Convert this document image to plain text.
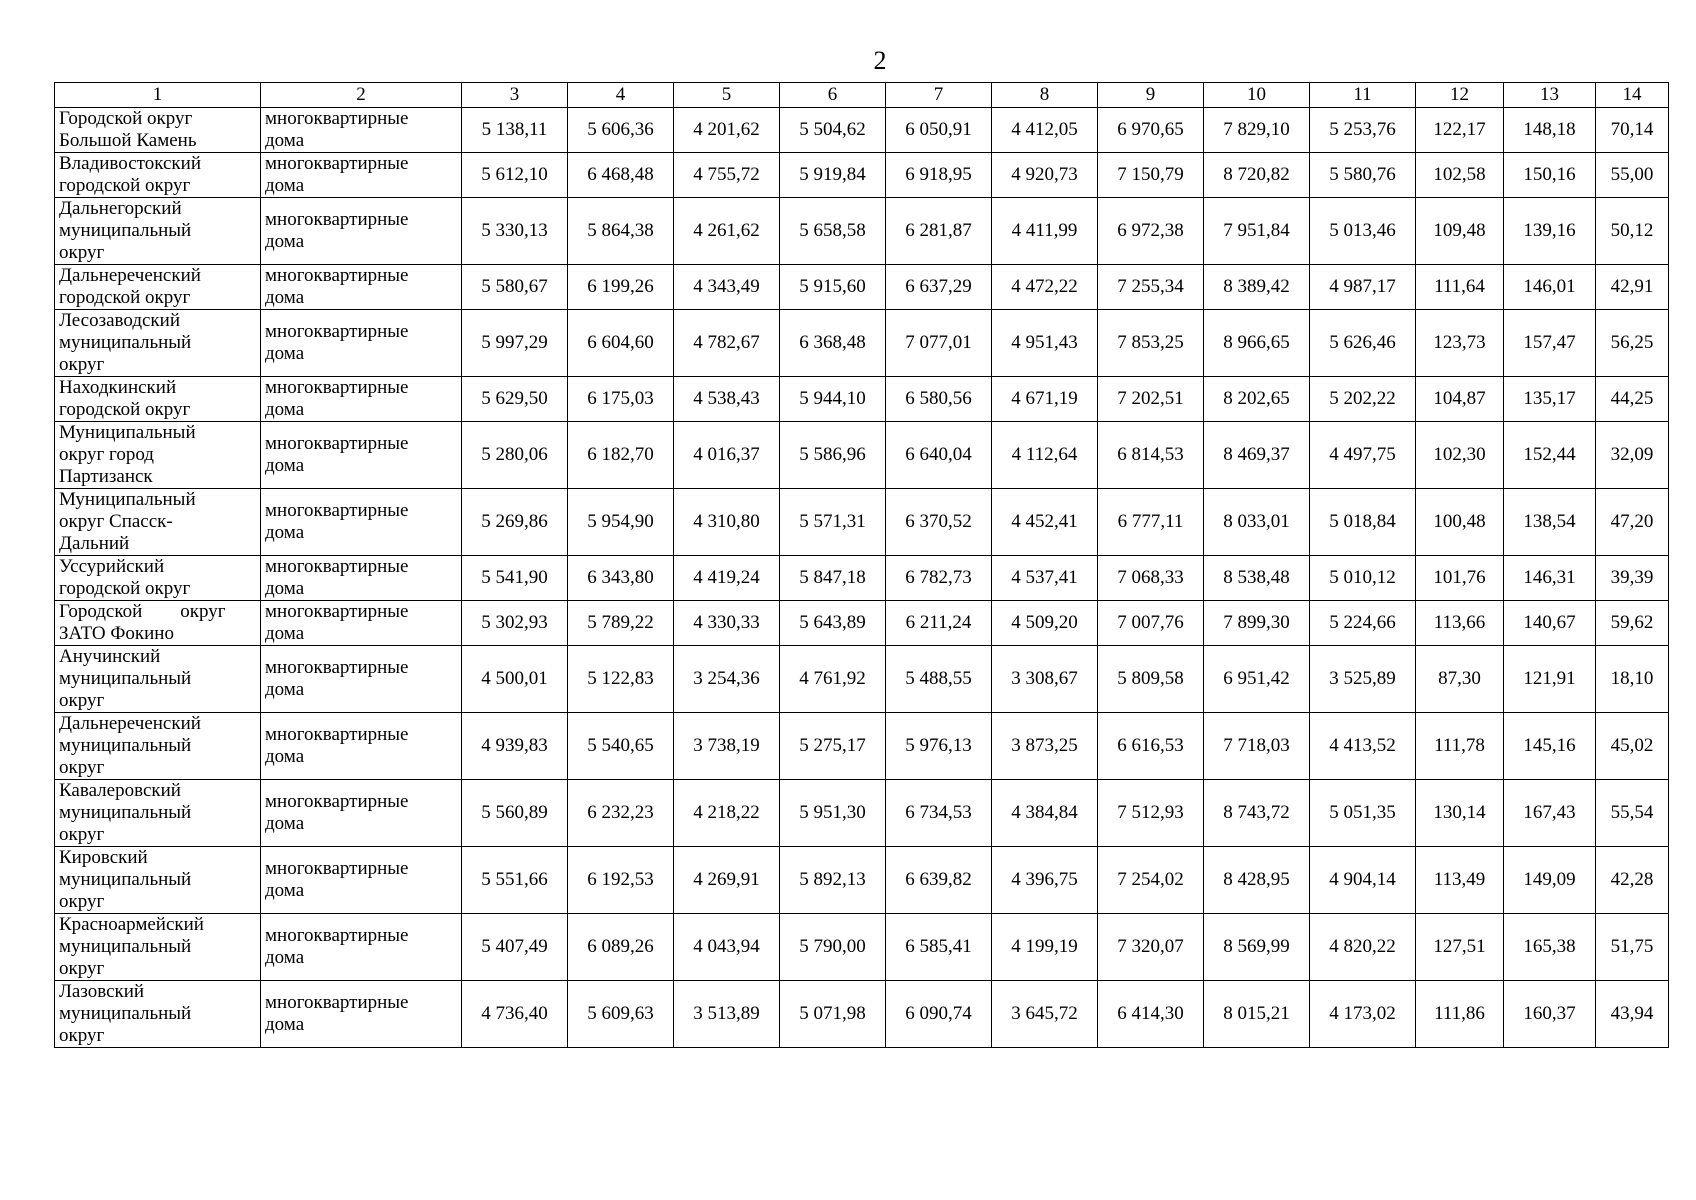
2
1	2	3	4	5	6	7	8	9	10	11	12	13	14

Городской округ
Большой Камень	многоквартирные
дома	5 138,11	5 606,36	4 201,62	5 504,62	6 050,91	4 412,05	6 970,65	7 829,10	5 253,76	122,17	148,18	70,14

Владивостокский
городской округ	многоквартирные
дома	5 612,10	6 468,48	4 755,72	5 919,84	6 918,95	4 920,73	7 150,79	8 720,82	5 580,76	102,58	150,16	55,00

Дальнегорский
муниципальный
округ	многоквартирные
дома	5 330,13	5 864,38	4 261,62	5 658,58	6 281,87	4 411,99	6 972,38	7 951,84	5 013,46	109,48	139,16	50,12

Дальнереченский
городской округ	многоквартирные
дома	5 580,67	6 199,26	4 343,49	5 915,60	6 637,29	4 472,22	7 255,34	8 389,42	4 987,17	111,64	146,01	42,91

Лесозаводский
муниципальный
округ	многоквартирные
дома	5 997,29	6 604,60	4 782,67	6 368,48	7 077,01	4 951,43	7 853,25	8 966,65	5 626,46	123,73	157,47	56,25

Находкинский
городской округ	многоквартирные
дома	5 629,50	6 175,03	4 538,43	5 944,10	6 580,56	4 671,19	7 202,51	8 202,65	5 202,22	104,87	135,17	44,25

Муниципальный
округ город
Партизанск	многоквартирные
дома	5 280,06	6 182,70	4 016,37	5 586,96	6 640,04	4 112,64	6 814,53	8 469,37	4 497,75	102,30	152,44	32,09

Муниципальный
округ Спасск-
Дальний	многоквартирные
дома	5 269,86	5 954,90	4 310,80	5 571,31	6 370,52	4 452,41	6 777,11	8 033,01	5 018,84	100,48	138,54	47,20

Уссурийский
городской округ	многоквартирные
дома	5 541,90	6 343,80	4 419,24	5 847,18	6 782,73	4 537,41	7 068,33	8 538,48	5 010,12	101,76	146,31	39,39

Городской        округ
ЗАТО Фокино	многоквартирные
дома	5 302,93	5 789,22	4 330,33	5 643,89	6 211,24	4 509,20	7 007,76	7 899,30	5 224,66	113,66	140,67	59,62

Анучинский
муниципальный
округ	многоквартирные
дома	4 500,01	5 122,83	3 254,36	4 761,92	5 488,55	3 308,67	5 809,58	6 951,42	3 525,89	87,30	121,91	18,10

Дальнереченский
муниципальный
округ	многоквартирные
дома	4 939,83	5 540,65	3 738,19	5 275,17	5 976,13	3 873,25	6 616,53	7 718,03	4 413,52	111,78	145,16	45,02

Кавалеровский
муниципальный
округ	многоквартирные
дома	5 560,89	6 232,23	4 218,22	5 951,30	6 734,53	4 384,84	7 512,93	8 743,72	5 051,35	130,14	167,43	55,54

Кировский
муниципальный
округ	многоквартирные
дома	5 551,66	6 192,53	4 269,91	5 892,13	6 639,82	4 396,75	7 254,02	8 428,95	4 904,14	113,49	149,09	42,28

Красноармейский
муниципальный
округ	многоквартирные
дома	5 407,49	6 089,26	4 043,94	5 790,00	6 585,41	4 199,19	7 320,07	8 569,99	4 820,22	127,51	165,38	51,75

Лазовский
муниципальный
округ	многоквартирные
дома	4 736,40	5 609,63	3 513,89	5 071,98	6 090,74	3 645,72	6 414,30	8 015,21	4 173,02	111,86	160,37	43,94
